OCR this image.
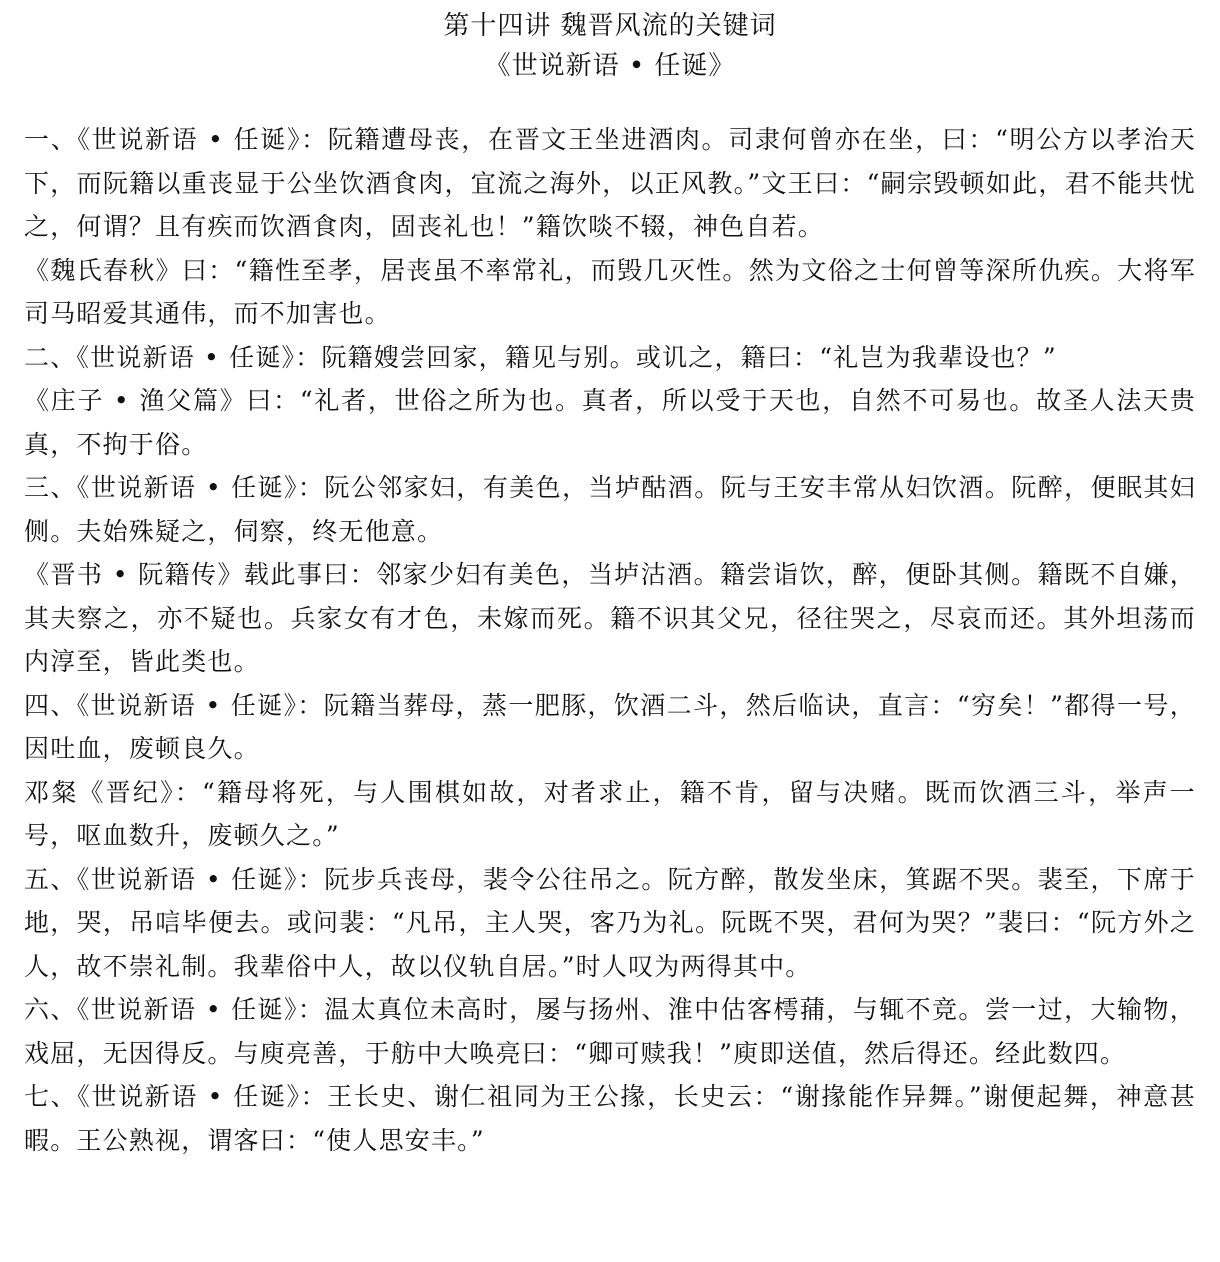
第十四讲 魏晋风流的关键词
《世说新语 • 任诞》

一、《世说新语 • 任诞》：阮籍遭母丧，在晋文王坐进酒肉。司隶何曾亦在坐，曰：“明公方以孝治天下，而阮籍以重丧显于公坐饮酒食肉，宜流之海外，以正风教。”文王曰：“嗣宗毁顿如此，君不能共忧之，何谓？且有疾而饮酒食肉，固丧礼也！”籍饮啖不辍，神色自若。

《魏氏春秋》曰：“籍性至孝，居丧虽不率常礼，而毁几灭性。然为文俗之士何曾等深所仇疾。大将军司马昭爱其通伟，而不加害也。

二、《世说新语 • 任诞》：阮籍嫂尝回家，籍见与别。或讥之，籍曰：“礼岂为我辈设也？”

《庄子 • 渔父篇》曰：“礼者，世俗之所为也。真者，所以受于天也，自然不可易也。故圣人法天贵真，不拘于俗。

三、《世说新语 • 任诞》：阮公邻家妇，有美色，当垆酤酒。阮与王安丰常从妇饮酒。阮醉，便眠其妇侧。夫始殊疑之，伺察，终无他意。

《晋书 • 阮籍传》载此事曰：邻家少妇有美色，当垆沽酒。籍尝诣饮，醉，便卧其侧。籍既不自嫌，其夫察之，亦不疑也。兵家女有才色，未嫁而死。籍不识其父兄，径往哭之，尽哀而还。其外坦荡而内淳至，皆此类也。

四、《世说新语 • 任诞》：阮籍当葬母，蒸一肥豚，饮酒二斗，然后临诀，直言：“穷矣！”都得一号，因吐血，废顿良久。

邓粲《晋纪》：“籍母将死，与人围棋如故，对者求止，籍不肯，留与决赌。既而饮酒三斗，举声一号，呕血数升，废顿久之。”

五、《世说新语 • 任诞》：阮步兵丧母，裴令公往吊之。阮方醉，散发坐床，箕踞不哭。裴至，下席于地，哭，吊唁毕便去。或问裴：“凡吊，主人哭，客乃为礼。阮既不哭，君何为哭？”裴曰：“阮方外之人，故不崇礼制。我辈俗中人，故以仪轨自居。”时人叹为两得其中。

六、《世说新语 • 任诞》：温太真位未高时，屡与扬州、淮中估客樗蒱，与辄不竞。尝一过，大输物，戏屈，无因得反。与庾亮善，于舫中大唤亮曰：“卿可赎我！”庾即送值，然后得还。经此数四。

七、《世说新语 • 任诞》：王长史、谢仁祖同为王公掾，长史云：“谢掾能作异舞。”谢便起舞，神意甚暇。王公熟视，谓客曰：“使人思安丰。”
